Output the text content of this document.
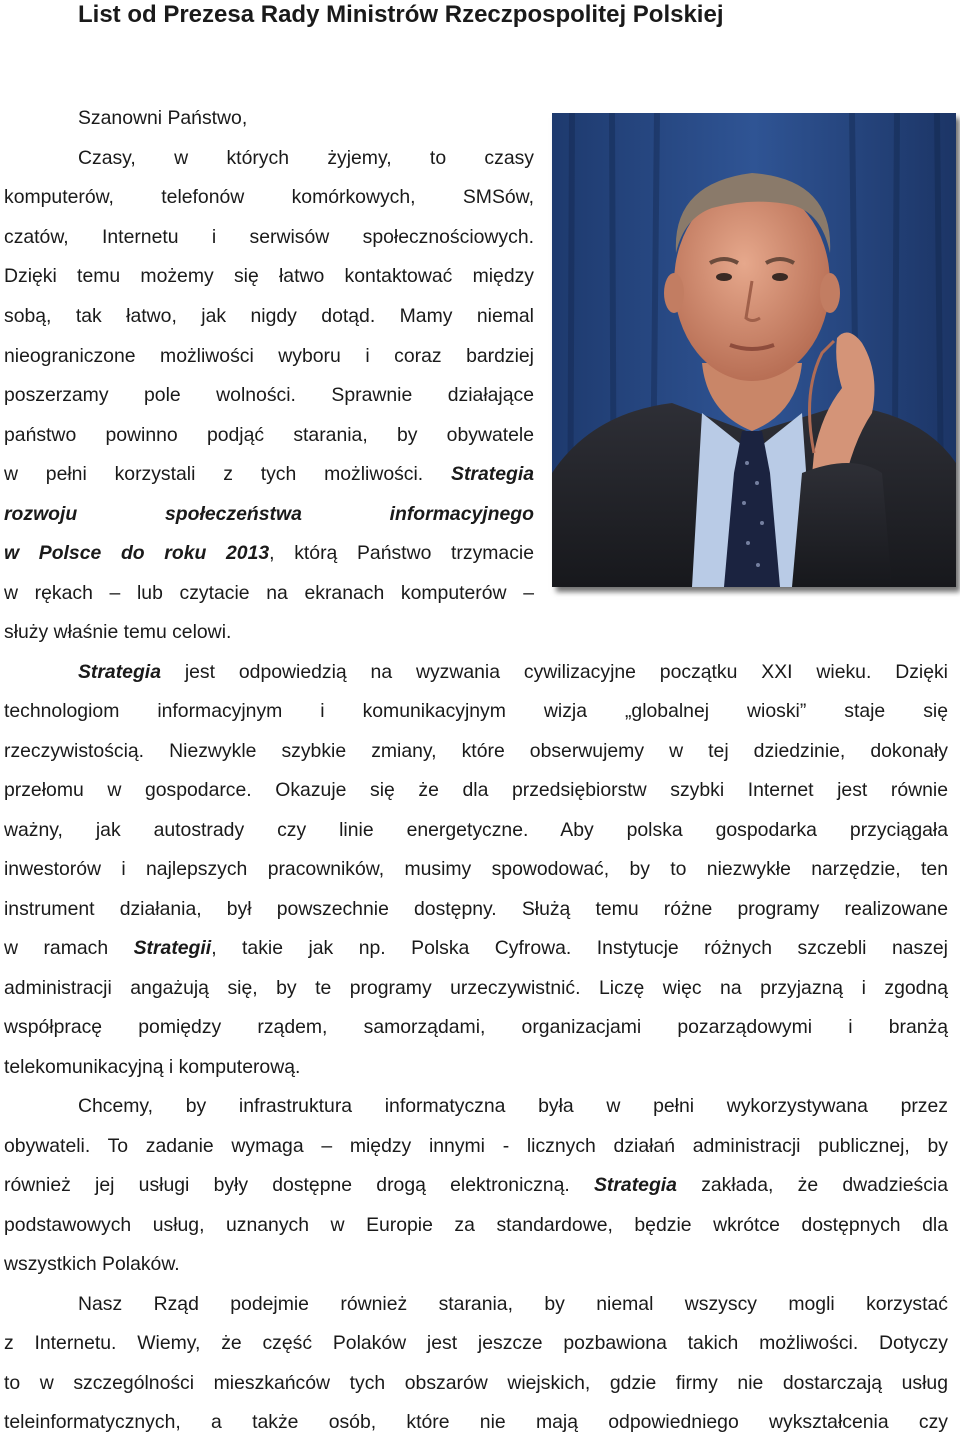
List od Prezesa Rady Ministrów Rzeczpospolitej Polskiej
Szanowni Państwo,
Czasy, w których żyjemy, to czasy
komputerów, telefonów komórkowych, SMSów,
czatów, Internetu i serwisów społecznościowych.
Dzięki temu możemy się łatwo kontaktować między
sobą, tak łatwo, jak nigdy dotąd. Mamy niemal
nieograniczone możliwości wyboru i coraz bardziej
poszerzamy pole wolności. Sprawnie działające
państwo powinno podjąć starania, by obywatele
w pełni korzystali z tych możliwości. Strategia
rozwoju społeczeństwa informacyjnego
w Polsce do roku 2013, którą Państwo trzymacie
w rękach – lub czytacie na ekranach komputerów –
służy właśnie temu celowi.
Strategia jest odpowiedzią na wyzwania cywilizacyjne początku XXI wieku. Dzięki
technologiom informacyjnym i komunikacyjnym wizja „globalnej wioski” staje się
rzeczywistością. Niezwykle szybkie zmiany, które obserwujemy w tej dziedzinie, dokonały
przełomu w gospodarce. Okazuje się że dla przedsiębiorstw szybki Internet jest równie
ważny, jak autostrady czy linie energetyczne. Aby polska gospodarka przyciągała
inwestorów i najlepszych pracowników, musimy spowodować, by to niezwykłe narzędzie, ten
instrument działania, był powszechnie dostępny. Służą temu różne programy realizowane
w ramach Strategii, takie jak np. Polska Cyfrowa. Instytucje różnych szczebli naszej
administracji angażują się, by te programy urzeczywistnić. Liczę więc na przyjazną i zgodną
współpracę pomiędzy rządem, samorządami, organizacjami pozarządowymi i branżą
telekomunikacyjną i komputerową.
Chcemy, by infrastruktura informatyczna była w pełni wykorzystywana przez
obywateli. To zadanie wymaga – między innymi - licznych działań administracji publicznej, by
również jej usługi były dostępne drogą elektroniczną. Strategia zakłada, że dwadzieścia
podstawowych usług, uznanych w Europie za standardowe, będzie wkrótce dostępnych dla
wszystkich Polaków.
Nasz Rząd podejmie również starania, by niemal wszyscy mogli korzystać
z Internetu. Wiemy, że część Polaków jest jeszcze pozbawiona takich możliwości. Dotyczy
to w szczególności mieszkańców tych obszarów wiejskich, gdzie firmy nie dostarczają usług
teleinformatycznych, a także osób, które nie mają odpowiedniego wykształcenia czy
